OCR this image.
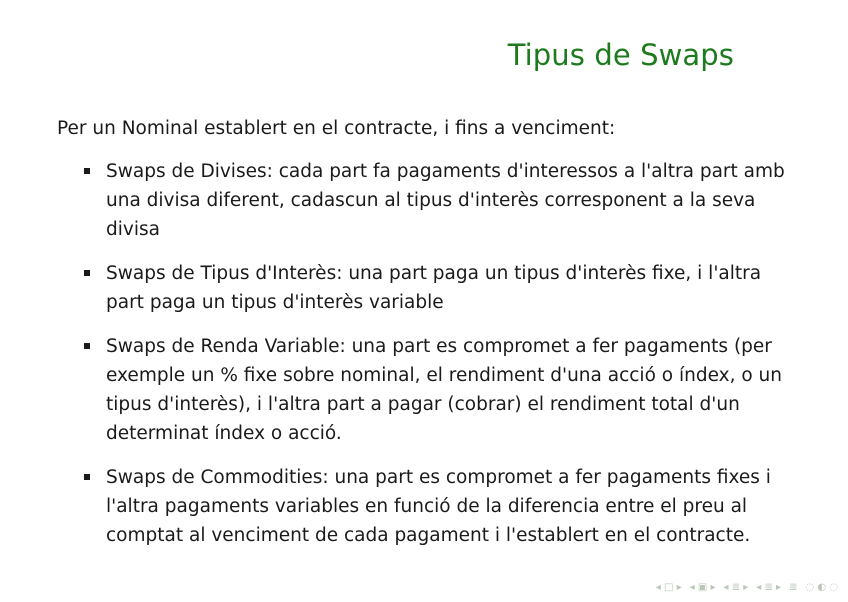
Tipus de Swaps

Per un Nominal establert en el contracte, i fins a venciment:

Swaps de Divises: cada part fa pagaments d'interessos a l'altra part amb una divisa diferent, cadascun al tipus d'interès corresponent a la seva divisa
Swaps de Tipus d'Interès: una part paga un tipus d'interès fixe, i l'altra part paga un tipus d'interès variable
Swaps de Renda Variable: una part es compromet a fer pagaments (per exemple un % fixe sobre nominal, el rendiment d'una acció o índex, o un tipus d'interès), i l'altra part a pagar (cobrar) el rendiment total d'un determinat índex o acció.
Swaps de Commodities: una part es compromet a fer pagaments fixes i l'altra pagaments variables en funció de la diferencia entre el preu al comptat al venciment de cada pagament i l'establert en el contracte.
◂ □ ▸ ◂ ▣ ▸ ◂ ≣ ▸ ◂ ≣ ▸ ≣ ◌ ◐ ◌
